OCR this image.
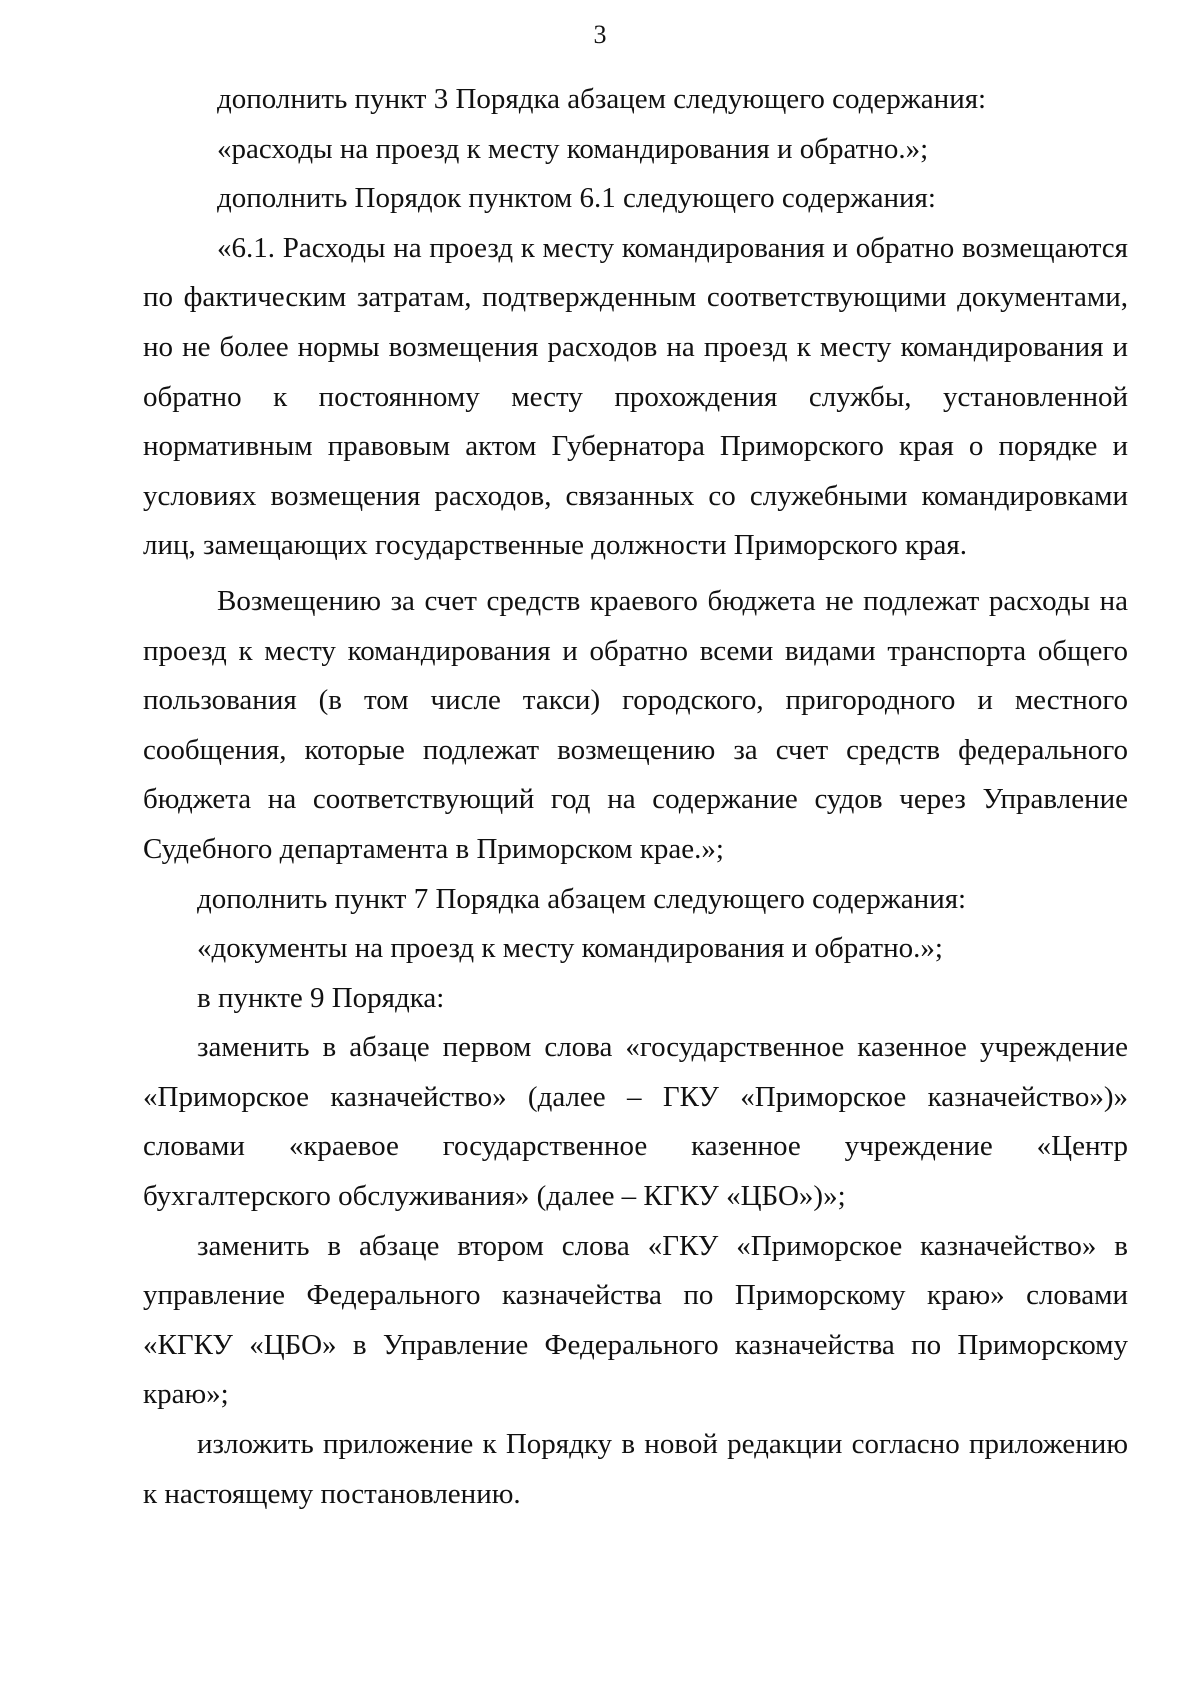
3

дополнить пункт 3 Порядка абзацем следующего содержания:

«расходы на проезд к месту командирования и обратно.»;

дополнить Порядок пунктом 6.1 следующего содержания:

«6.1. Расходы на проезд к месту командирования и обратно возмещаются по фактическим затратам, подтвержденным соответствующими документами, но не более нормы возмещения расходов на проезд к месту командирования и обратно к постоянному месту прохождения службы, установленной нормативным правовым актом Губернатора Приморского края о порядке и условиях возмещения расходов, связанных со служебными командировками лиц, замещающих государственные должности Приморского края.

Возмещению за счет средств краевого бюджета не подлежат расходы на проезд к месту командирования и обратно всеми видами транспорта общего пользования (в том числе такси) городского, пригородного и местного сообщения, которые подлежат возмещению за счет средств федерального бюджета на соответствующий год на содержание судов через Управление Судебного департамента в Приморском крае.»;

дополнить пункт 7 Порядка абзацем следующего содержания:

«документы на проезд к месту командирования и обратно.»;

в пункте 9 Порядка:

заменить в абзаце первом слова «государственное казенное учреждение «Приморское казначейство» (далее – ГКУ «Приморское казначейство»)» словами «краевое государственное казенное учреждение «Центр бухгалтерского обслуживания» (далее – КГКУ «ЦБО»)»;

заменить в абзаце втором слова «ГКУ «Приморское казначейство» в управление Федерального казначейства по Приморскому краю» словами «КГКУ «ЦБО» в Управление Федерального казначейства по Приморскому краю»;

изложить приложение к Порядку в новой редакции согласно приложению к настоящему постановлению.
